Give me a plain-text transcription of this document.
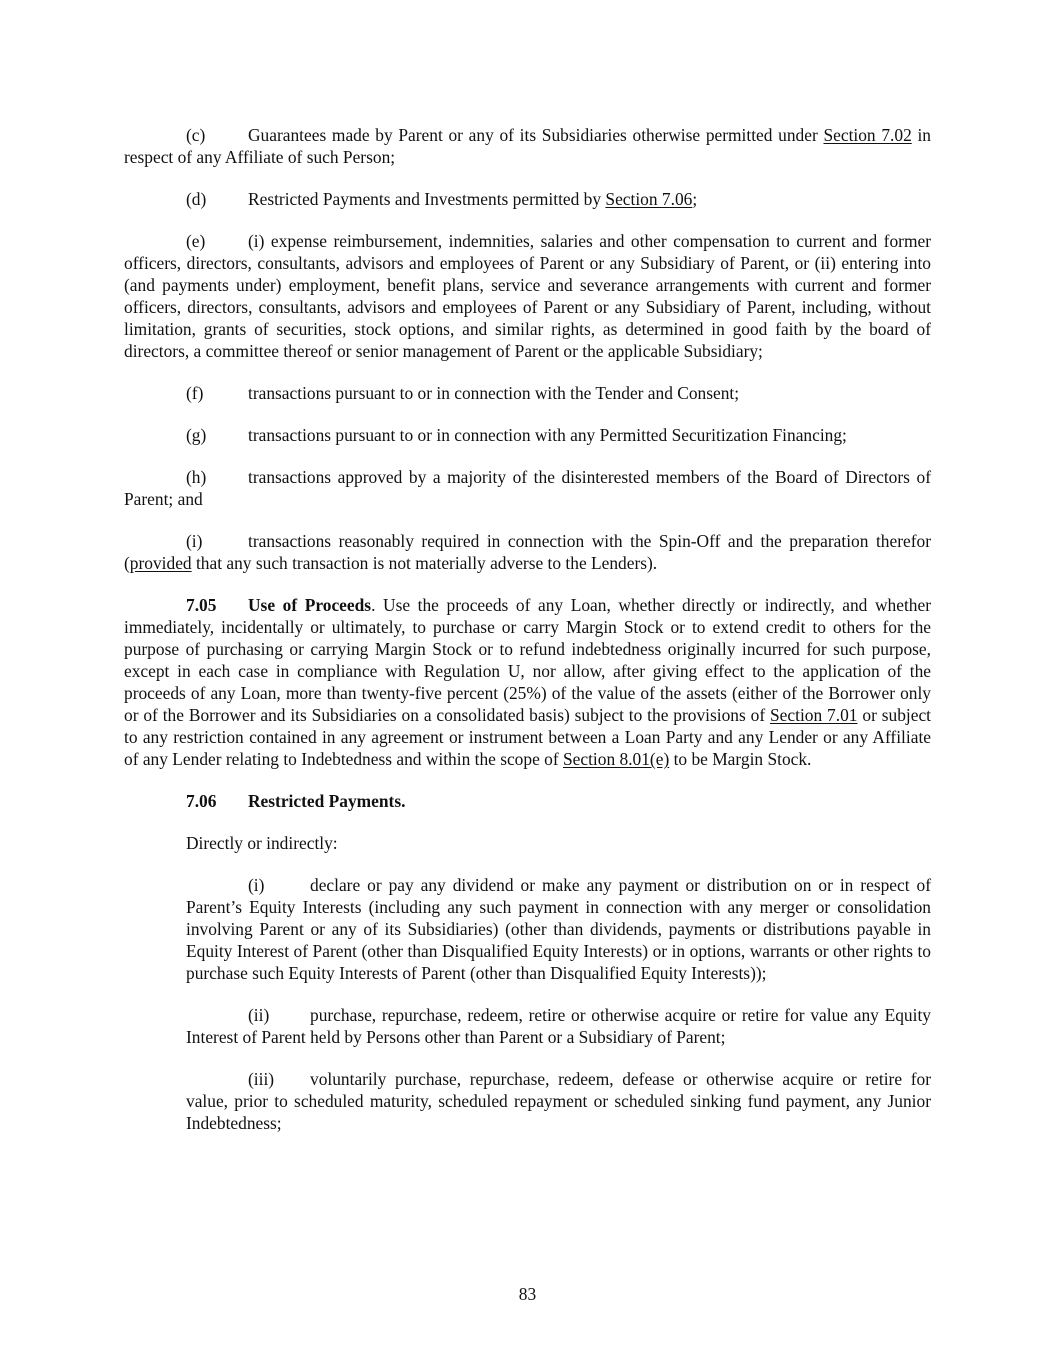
(c) Guarantees made by Parent or any of its Subsidiaries otherwise permitted under Section 7.02 in respect of any Affiliate of such Person;

(d) Restricted Payments and Investments permitted by Section 7.06;

(e) (i) expense reimbursement, indemnities, salaries and other compensation to current and former officers, directors, consultants, advisors and employees of Parent or any Subsidiary of Parent, or (ii) entering into (and payments under) employment, benefit plans, service and severance arrangements with current and former officers, directors, consultants, advisors and employees of Parent or any Subsidiary of Parent, including, without limitation, grants of securities, stock options, and similar rights, as determined in good faith by the board of directors, a committee thereof or senior management of Parent or the applicable Subsidiary;

(f)	transactions pursuant to or in connection with the Tender and Consent;

(g) transactions pursuant to or in connection with any Permitted Securitization Financing;

(h) transactions approved by a majority of the disinterested members of the Board of Directors of Parent; and

(i)	transactions reasonably required in connection with the Spin-Off and the preparation therefor (provided that any such transaction is not materially adverse to the Lenders).

7.05 Use of Proceeds. Use the proceeds of any Loan, whether directly or indirectly, and whether immediately, incidentally or ultimately, to purchase or carry Margin Stock or to extend credit to others for the purpose of purchasing or carrying Margin Stock or to refund indebtedness originally incurred for such purpose, except in each case in compliance with Regulation U, nor allow, after giving effect to the application of the proceeds of any Loan, more than twenty-five percent (25%) of the value of the assets (either of the Borrower only or of the Borrower and its Subsidiaries on a consolidated basis) subject to the provisions of Section 7.01 or subject to any restriction contained in any agreement or instrument between a Loan Party and any Lender or any Affiliate of any Lender relating to Indebtedness and within the scope of Section 8.01(e) to be Margin Stock.

7.06 Restricted Payments.

Directly or indirectly:

(i)	declare or pay any dividend or make any payment or distribution on or in respect of Parent’s Equity Interests (including any such payment in connection with any merger or consolidation involving Parent or any of its Subsidiaries) (other than dividends, payments or distributions payable in Equity Interest of Parent (other than Disqualified Equity Interests) or in options, warrants or other rights to purchase such Equity Interests of Parent (other than Disqualified Equity Interests));

(ii) purchase, repurchase, redeem, retire or otherwise acquire or retire for value any Equity Interest of Parent held by Persons other than Parent or a Subsidiary of Parent;

(iii) voluntarily purchase, repurchase, redeem, defease or otherwise acquire or retire for value, prior to scheduled maturity, scheduled repayment or scheduled sinking fund payment, any Junior Indebtedness;

83
